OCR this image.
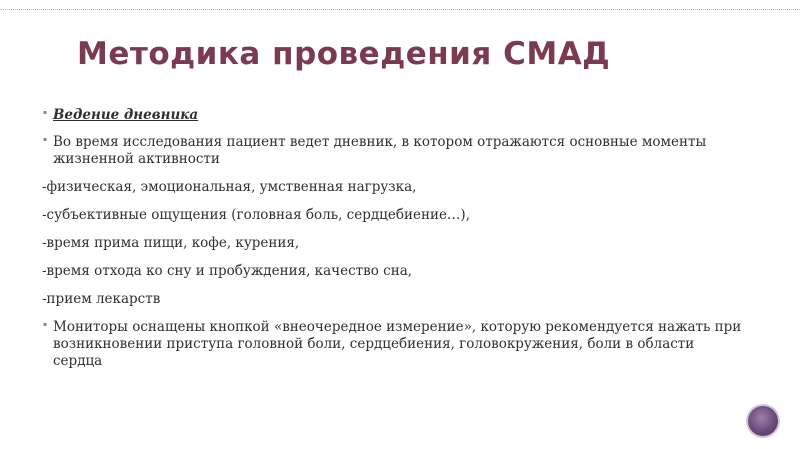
Методика проведения СМАД
▪ Ведение дневника
▪ Во время исследования пациент ведет дневник, в котором отражаются основные моменты жизненной активности
-физическая, эмоциональная, умственная нагрузка,
-субъективные ощущения (головная боль, сердцебиение…),
-время прима пищи, кофе, курения,
-время отхода ко сну и пробуждения, качество сна,
-прием лекарств
▪ Мониторы оснащены кнопкой «внеочередное измерение», которую рекомендуется нажать при возникновении приступа головной боли, сердцебиения, головокружения, боли в области сердца
